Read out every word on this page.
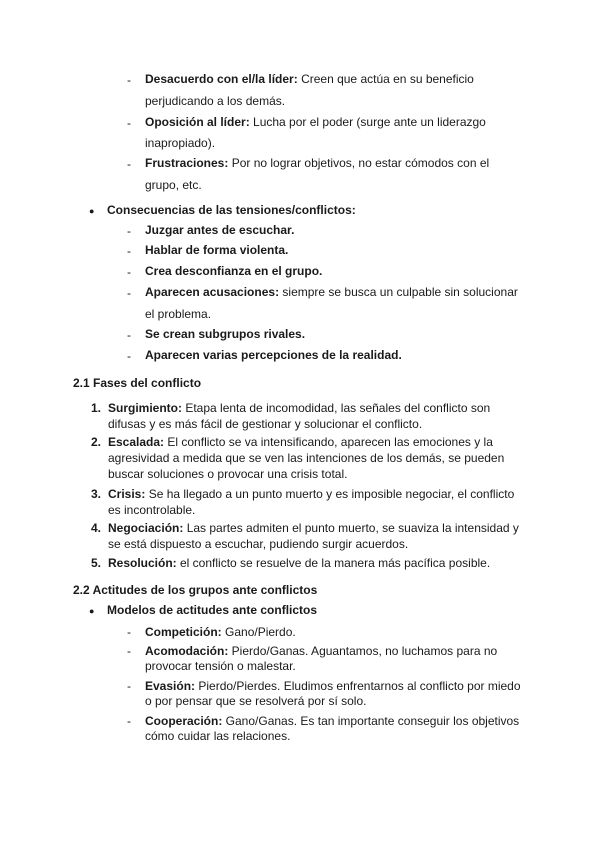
- Desacuerdo con el/la líder: Creen que actúa en su beneficio
perjudicando a los demás.
- Oposición al líder: Lucha por el poder (surge ante un liderazgo
inapropiado).
- Frustraciones: Por no lograr objetivos, no estar cómodos con el
grupo, etc.
● Consecuencias de las tensiones/conflictos:
- Juzgar antes de escuchar.
- Hablar de forma violenta.
- Crea desconfianza en el grupo.
- Aparecen acusaciones: siempre se busca un culpable sin solucionar
el problema.
- Se crean subgrupos rivales.
- Aparecen varias percepciones de la realidad.
2.1 Fases del conflicto
1. Surgimiento: Etapa lenta de incomodidad, las señales del conflicto son
difusas y es más fácil de gestionar y solucionar el conflicto.
2. Escalada: El conflicto se va intensificando, aparecen las emociones y la
agresividad a medida que se ven las intenciones de los demás, se pueden
buscar soluciones o provocar una crisis total.
3. Crisis: Se ha llegado a un punto muerto y es imposible negociar, el conflicto
es incontrolable.
4. Negociación: Las partes admiten el punto muerto, se suaviza la intensidad y
se está dispuesto a escuchar, pudiendo surgir acuerdos.
5. Resolución: el conflicto se resuelve de la manera más pacífica posible.
2.2 Actitudes de los grupos ante conflictos
● Modelos de actitudes ante conflictos
- Competición: Gano/Pierdo.
- Acomodación: Pierdo/Ganas. Aguantamos, no luchamos para no
provocar tensión o malestar.
- Evasión: Pierdo/Pierdes. Eludimos enfrentarnos al conflicto por miedo
o por pensar que se resolverá por sí solo.
- Cooperación: Gano/Ganas. Es tan importante conseguir los objetivos
cómo cuidar las relaciones.
